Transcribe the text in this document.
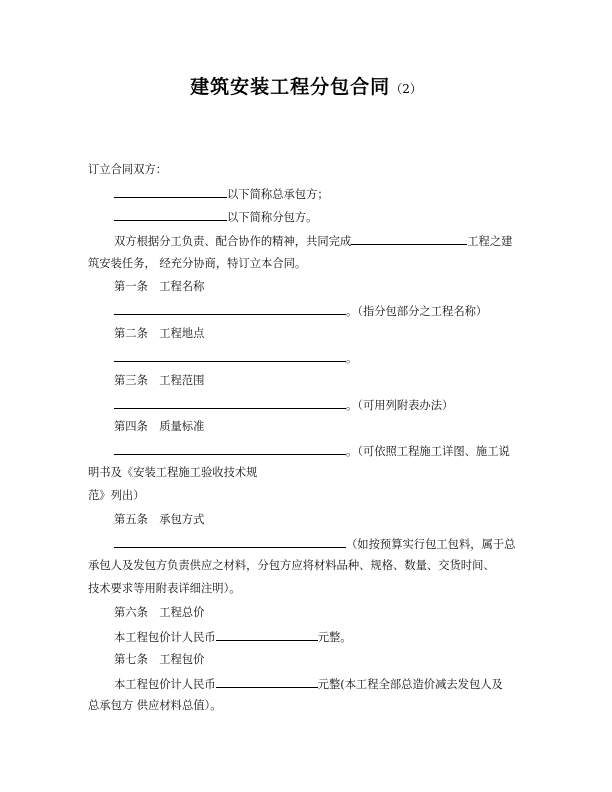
建筑安装工程分包合同（2）
订立合同双方：
以下简称总承包方；
以下简称分包方。
双方根据分工负责、配合协作的精神，共同完成	工程之建
筑安装任务， 经充分协商，特订立本合同。
第一条　工程名称
。（指分包部分之工程名称）
第二条　工程地点
。
第三条　工程范围
。（可用列附表办法）
第四条　质量标准
。（可依照工程施工详图、施工说
明书及《安装工程施工验收技术规
范》列出）
第五条　承包方式
（如按预算实行包工包料，属于总
承包人及发包方负责供应之材料，分包方应将材料品种、规格、数量、交货时间、
技术要求等用附表详细注明）。
第六条　工程总价
本工程包价计人民币	元整。
第七条　工程包价
本工程包价计人民币	元整(本工程全部总造价减去发包人及
总承包方 供应材料总值）。
